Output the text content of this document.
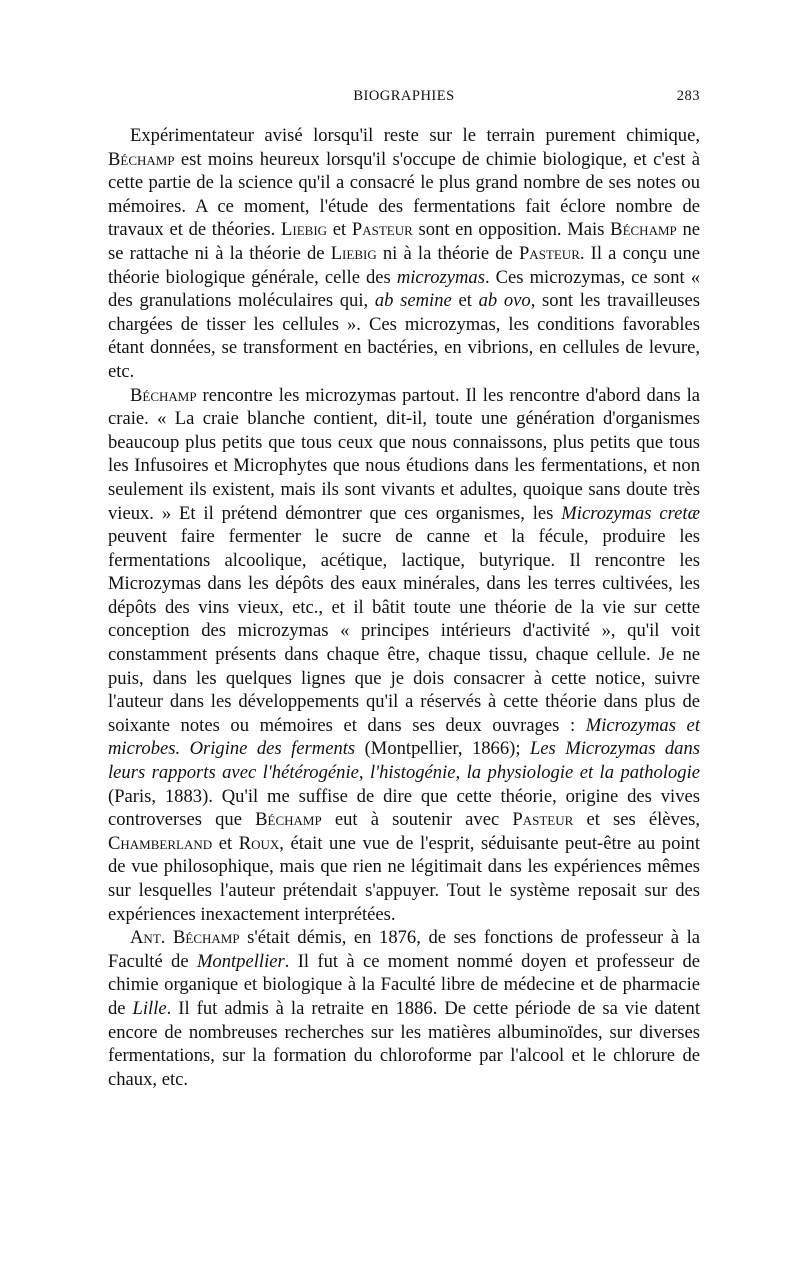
BIOGRAPHIES	283

Expérimentateur avisé lorsqu'il reste sur le terrain purement chimique, Béchamp est moins heureux lorsqu'il s'occupe de chimie biologique, et c'est à cette partie de la science qu'il a consacré le plus grand nombre de ses notes ou mémoires. A ce moment, l'étude des fermentations fait éclore nombre de travaux et de théories. Liebig et Pasteur sont en opposition. Mais Béchamp ne se rattache ni à la théorie de Liebig ni à la théorie de Pasteur. Il a conçu une théorie biologique générale, celle des microzymas. Ces microzymas, ce sont « des granulations moléculaires qui, ab semine et ab ovo, sont les travailleuses chargées de tisser les cellules ». Ces microzymas, les conditions favorables étant données, se transforment en bactéries, en vibrions, en cellules de levure, etc.

Béchamp rencontre les microzymas partout. Il les rencontre d'abord dans la craie. « La craie blanche contient, dit-il, toute une génération d'organismes beaucoup plus petits que tous ceux que nous connaissons, plus petits que tous les Infusoires et Microphytes que nous étudions dans les fermentations, et non seulement ils existent, mais ils sont vivants et adultes, quoique sans doute très vieux. » Et il prétend démontrer que ces organismes, les Microzymas cretæ peuvent faire fermenter le sucre de canne et la fécule, produire les fermentations alcoolique, acétique, lactique, butyrique. Il rencontre les Microzymas dans les dépôts des eaux minérales, dans les terres cultivées, les dépôts des vins vieux, etc., et il bâtit toute une théorie de la vie sur cette conception des microzymas « principes intérieurs d'activité », qu'il voit constamment présents dans chaque être, chaque tissu, chaque cellule. Je ne puis, dans les quelques lignes que je dois consacrer à cette notice, suivre l'auteur dans les développements qu'il a réservés à cette théorie dans plus de soixante notes ou mémoires et dans ses deux ouvrages : Microzymas et microbes. Origine des ferments (Montpellier, 1866); Les Microzymas dans leurs rapports avec l'hétérogénie, l'histogénie, la physiologie et la pathologie (Paris, 1883). Qu'il me suffise de dire que cette théorie, origine des vives controverses que Béchamp eut à soutenir avec Pasteur et ses élèves, Chamberland et Roux, était une vue de l'esprit, séduisante peut-être au point de vue philosophique, mais que rien ne légitimait dans les expériences mêmes sur lesquelles l'auteur prétendait s'appuyer. Tout le système reposait sur des expériences inexactement interprétées.

Ant. Béchamp s'était démis, en 1876, de ses fonctions de professeur à la Faculté de Montpellier. Il fut à ce moment nommé doyen et professeur de chimie organique et biologique à la Faculté libre de médecine et de pharmacie de Lille. Il fut admis à la retraite en 1886. De cette période de sa vie datent encore de nombreuses recherches sur les matières albuminoïdes, sur diverses fermentations, sur la formation du chloroforme par l'alcool et le chlorure de chaux, etc.
